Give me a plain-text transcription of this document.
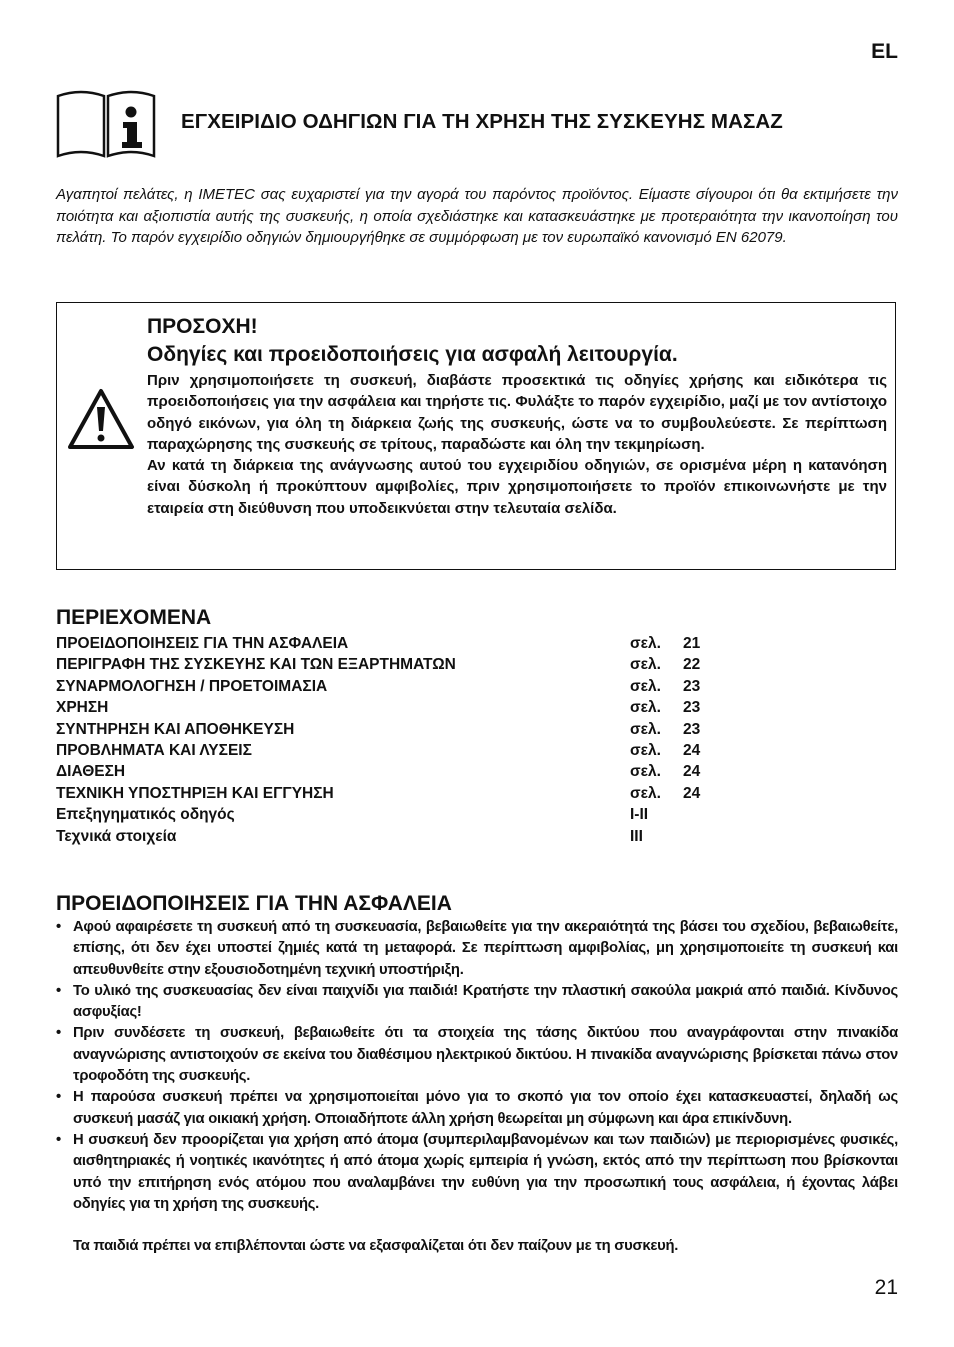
EL
ΕΓΧΕΙΡΙΔΙΟ ΟΔΗΓΙΩΝ ΓΙΑ ΤΗ ΧΡΗΣΗ ΤΗΣ ΣΥΣΚΕΥΗΣ ΜΑΣΑΖ

Αγαπητοί πελάτες, η IMETEC σας ευχαριστεί για την αγορά του παρόντος προϊόντος. Είμαστε σίγουροι ότι θα εκτιμήσετε την ποιότητα και αξιοπιστία αυτής της συσκευής, η οποία σχεδιάστηκε και κατασκευάστηκε με προτεραιότητα την ικανοποίηση του πελάτη. Το παρόν εγχειρίδιο οδηγιών δημιουργήθηκε σε συμμόρφωση με τον ευρωπαϊκό κανονισμό EN 62079.

ΠΡΟΣΟΧΗ!
Οδηγίες και προειδοποιήσεις για ασφαλή λειτουργία.
Πριν χρησιμοποιήσετε τη συσκευή, διαβάστε προσεκτικά τις οδηγίες χρήσης και ειδικότερα τις προειδοποιήσεις για την ασφάλεια και τηρήστε τις. Φυλάξτε το παρόν εγχειρίδιο, μαζί με τον αντίστοιχο οδηγό εικόνων, για όλη τη διάρκεια ζωής της συσκευής, ώστε να το συμβουλεύεστε. Σε περίπτωση παραχώρησης της συσκευής σε τρίτους, παραδώστε και όλη την τεκμηρίωση.
Αν κατά τη διάρκεια της ανάγνωσης αυτού του εγχειριδίου οδηγιών, σε ορισμένα μέρη η κατανόηση είναι δύσκολη ή προκύπτουν αμφιβολίες, πριν χρησιμοποιήσετε το προϊόν επικοινωνήστε με την εταιρεία στη διεύθυνση που υποδεικνύεται στην τελευταία σελίδα.
ΠΕΡΙΕΧΟΜΕΝΑ
ΠΡΟΕΙΔΟΠΟΙΗΣΕΙΣ ΓΙΑ ΤΗΝ ΑΣΦΑΛΕΙΑ	σελ. 21
ΠΕΡΙΓΡΑΦΗ ΤΗΣ ΣΥΣΚΕΥΗΣ ΚΑΙ ΤΩΝ ΕΞΑΡΤΗΜΑΤΩΝ	σελ. 22
ΣΥΝΑΡΜΟΛΟΓΗΣΗ / ΠΡΟΕΤΟΙΜΑΣΙΑ	σελ. 23
ΧΡΗΣΗ	σελ. 23
ΣΥΝΤΗΡΗΣΗ ΚΑΙ ΑΠΟΘΗΚΕΥΣΗ	σελ. 23
ΠΡΟΒΛΗΜΑΤΑ ΚΑΙ ΛΥΣΕΙΣ	σελ. 24
ΔΙΑΘΕΣΗ	σελ. 24
ΤΕΧΝΙΚΗ ΥΠΟΣΤΗΡΙΞΗ ΚΑΙ ΕΓΓΥΗΣΗ	σελ. 24
Επεξηγηματικός οδηγός	I-II
Τεχνικά στοιχεία	III
ΠΡΟΕΙΔΟΠΟΙΗΣΕΙΣ ΓΙΑ ΤΗΝ ΑΣΦΑΛΕΙΑ
• Αφού αφαιρέσετε τη συσκευή από τη συσκευασία, βεβαιωθείτε για την ακεραιότητά της βάσει του σχεδίου, βεβαιωθείτε, επίσης, ότι δεν έχει υποστεί ζημιές κατά τη μεταφορά. Σε περίπτωση αμφιβολίας, μη χρησιμοποιείτε τη συσκευή και απευθυνθείτε στην εξουσιοδοτημένη τεχνική υποστήριξη.
• Το υλικό της συσκευασίας δεν είναι παιχνίδι για παιδιά! Κρατήστε την πλαστική σακούλα μακριά από παιδιά. Κίνδυνος ασφυξίας!
• Πριν συνδέσετε τη συσκευή, βεβαιωθείτε ότι τα στοιχεία της τάσης δικτύου που αναγράφονται στην πινακίδα αναγνώρισης αντιστοιχούν σε εκείνα του διαθέσιμου ηλεκτρικού δικτύου. Η πινακίδα αναγνώρισης βρίσκεται πάνω στον τροφοδότη της συσκευής.
• Η παρούσα συσκευή πρέπει να χρησιμοποιείται μόνο για το σκοπό για τον οποίο έχει κατασκευαστεί, δηλαδή ως συσκευή μασάζ για οικιακή χρήση. Οποιαδήποτε άλλη χρήση θεωρείται μη σύμφωνη και άρα επικίνδυνη.
• Η συσκευή δεν προορίζεται για χρήση από άτομα (συμπεριλαμβανομένων και των παιδιών) με περιορισμένες φυσικές, αισθητηριακές ή νοητικές ικανότητες ή από άτομα χωρίς εμπειρία ή γνώση, εκτός από την περίπτωση που βρίσκονται υπό την επιτήρηση ενός ατόμου που αναλαμβάνει την ευθύνη για την προσωπική τους ασφάλεια, ή έχοντας λάβει οδηγίες για τη χρήση της συσκευής.

Τα παιδιά πρέπει να επιβλέπονται ώστε να εξασφαλίζεται ότι δεν παίζουν με τη συσκευή.

21
